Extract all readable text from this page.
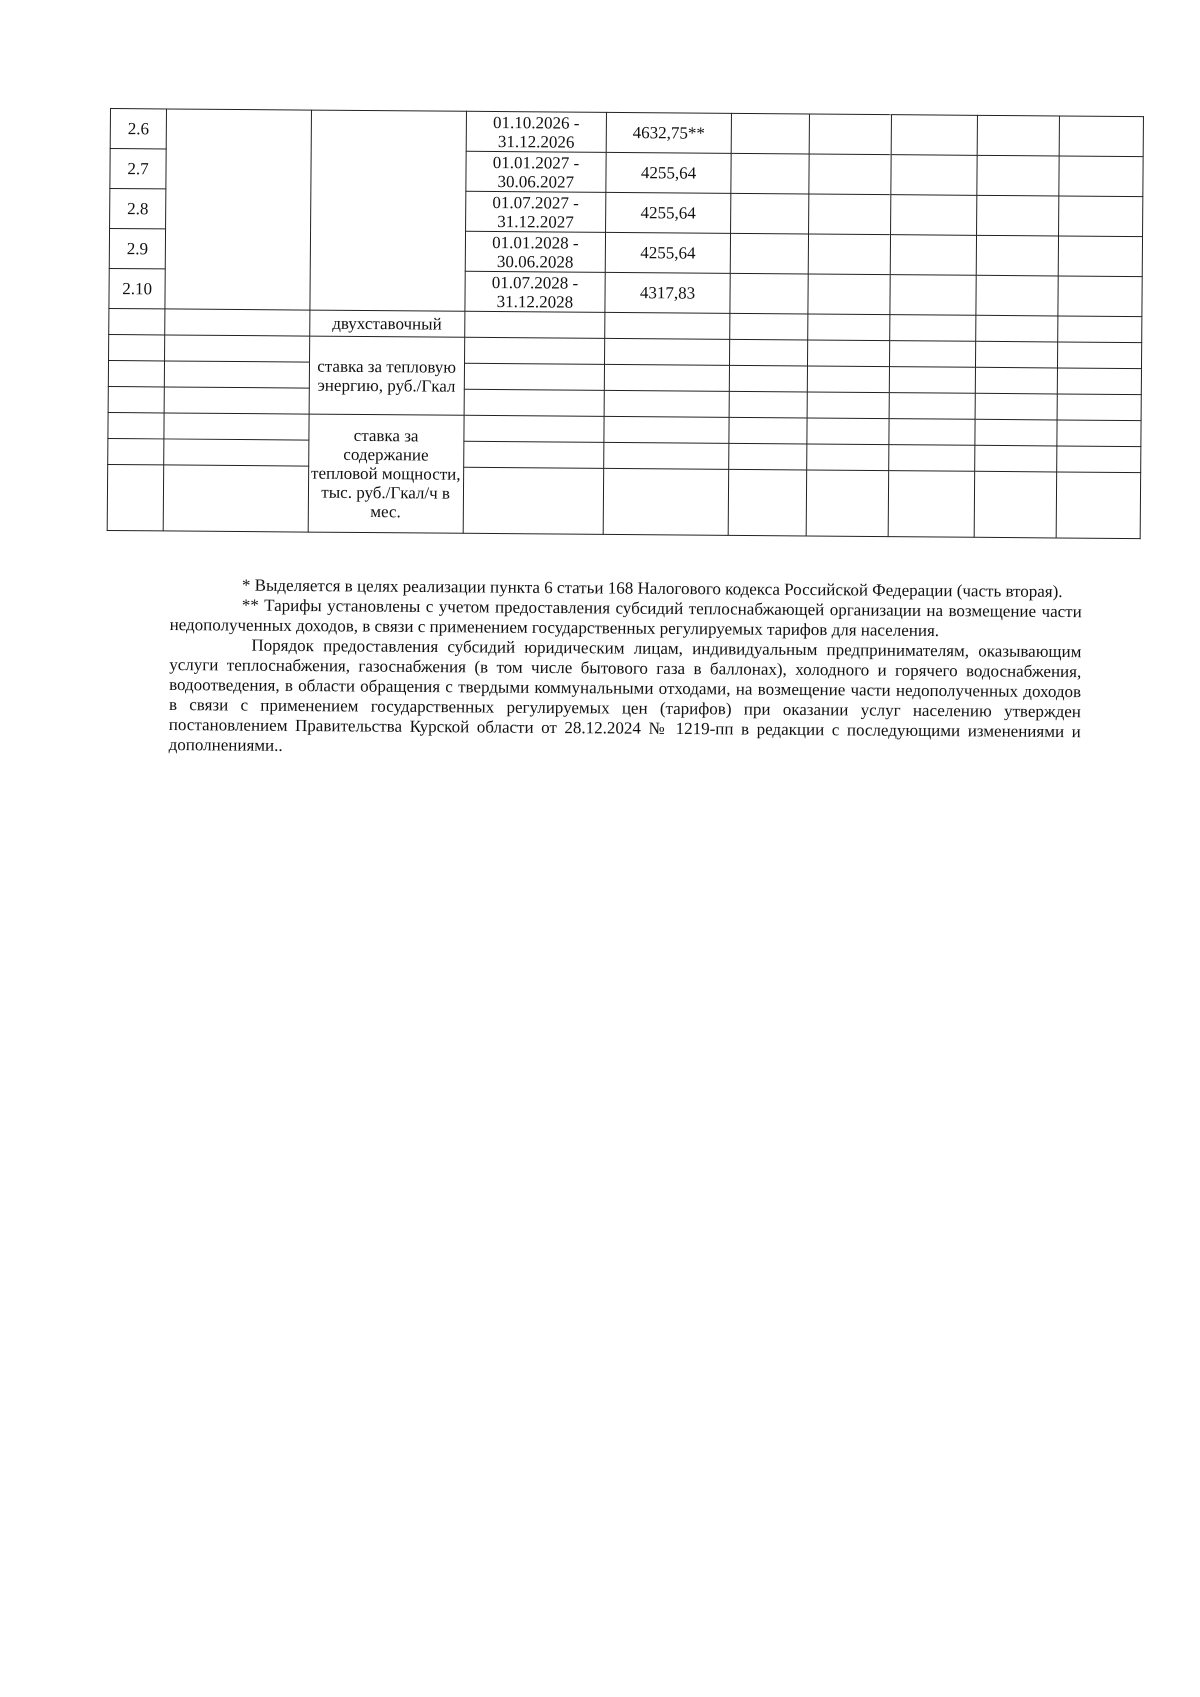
2.6			01.10.2026 - 31.12.2026	4632,75**					
2.7			01.01.2027 - 30.06.2027	4255,64					
2.8			01.07.2027 - 31.12.2027	4255,64					
2.9			01.01.2028 - 30.06.2028	4255,64					
2.10			01.07.2028 - 31.12.2028	4317,83					
		двухставочный							
		ставка за тепловую энергию, руб./Гкал							

		ставка за содержание тепловой мощности, тыс. руб./Гкал/ч в мес.							

* Выделяется в целях реализации пункта 6 статьи 168 Налогового кодекса Российской Федерации (часть вторая).

** Тарифы установлены с учетом предоставления субсидий теплоснабжающей организации на возмещение части недополученных доходов, в связи с применением государственных регулируемых тарифов для населения.

Порядок предоставления субсидий юридическим лицам, индивидуальным предпринимателям, оказывающим услуги теплоснабжения, газоснабжения (в том числе бытового газа в баллонах), холодного и горячего водоснабжения, водоотведения, в области обращения с твердыми коммунальными отходами, на возмещение части недополученных доходов в связи с применением государственных регулируемых цен (тарифов) при оказании услуг населению утвержден постановлением Правительства Курской области от 28.12.2024 № 1219-пп в редакции с последующими изменениями и дополнениями..
